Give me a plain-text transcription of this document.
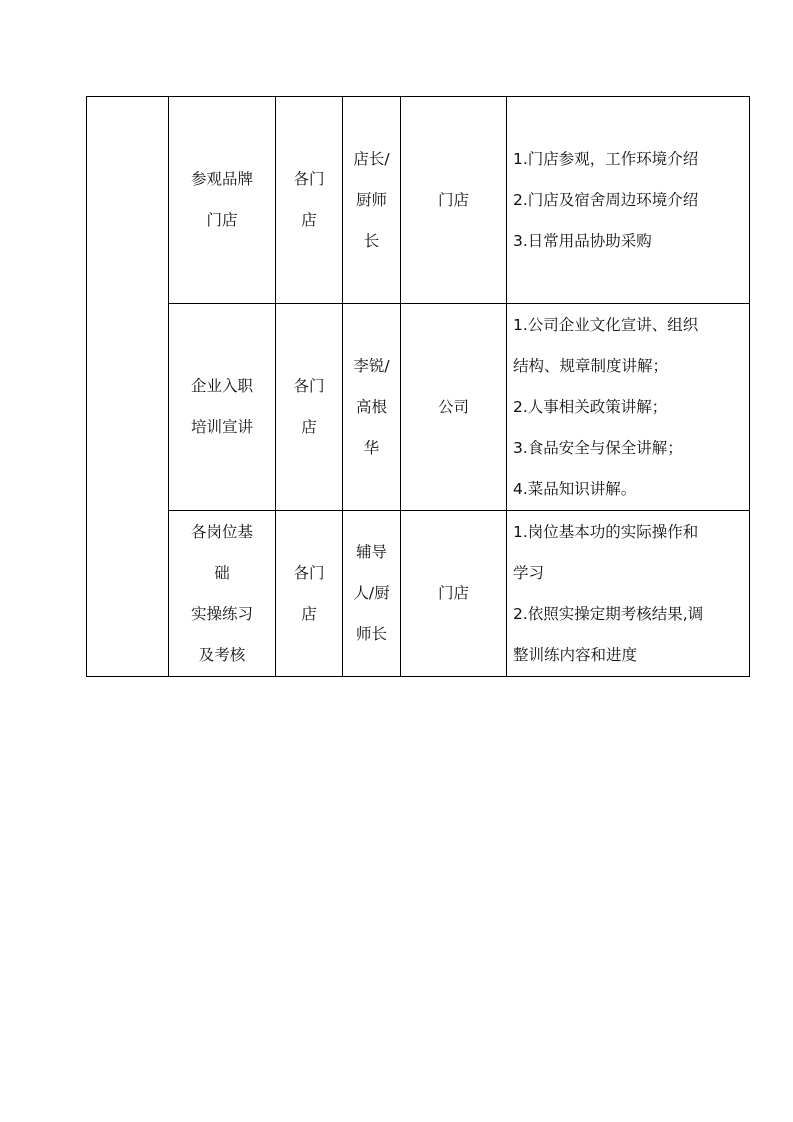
	参观品牌
门店	各门
店	店长/
厨师
长	门店	1.门店参观，工作环境介绍
2.门店及宿舍周边环境介绍
3.日常用品协助采购

	企业入职
培训宣讲	各门
店	李锐/
高根
华	公司	1.公司企业文化宣讲、组织
结构、规章制度讲解；
2.人事相关政策讲解；
3.食品安全与保全讲解；
4.菜品知识讲解。

	各岗位基
础
实操练习
及考核	各门
店	辅导
人/厨
师长	门店	1.岗位基本功的实际操作和
学习
2.依照实操定期考核结果,调
整训练内容和进度
